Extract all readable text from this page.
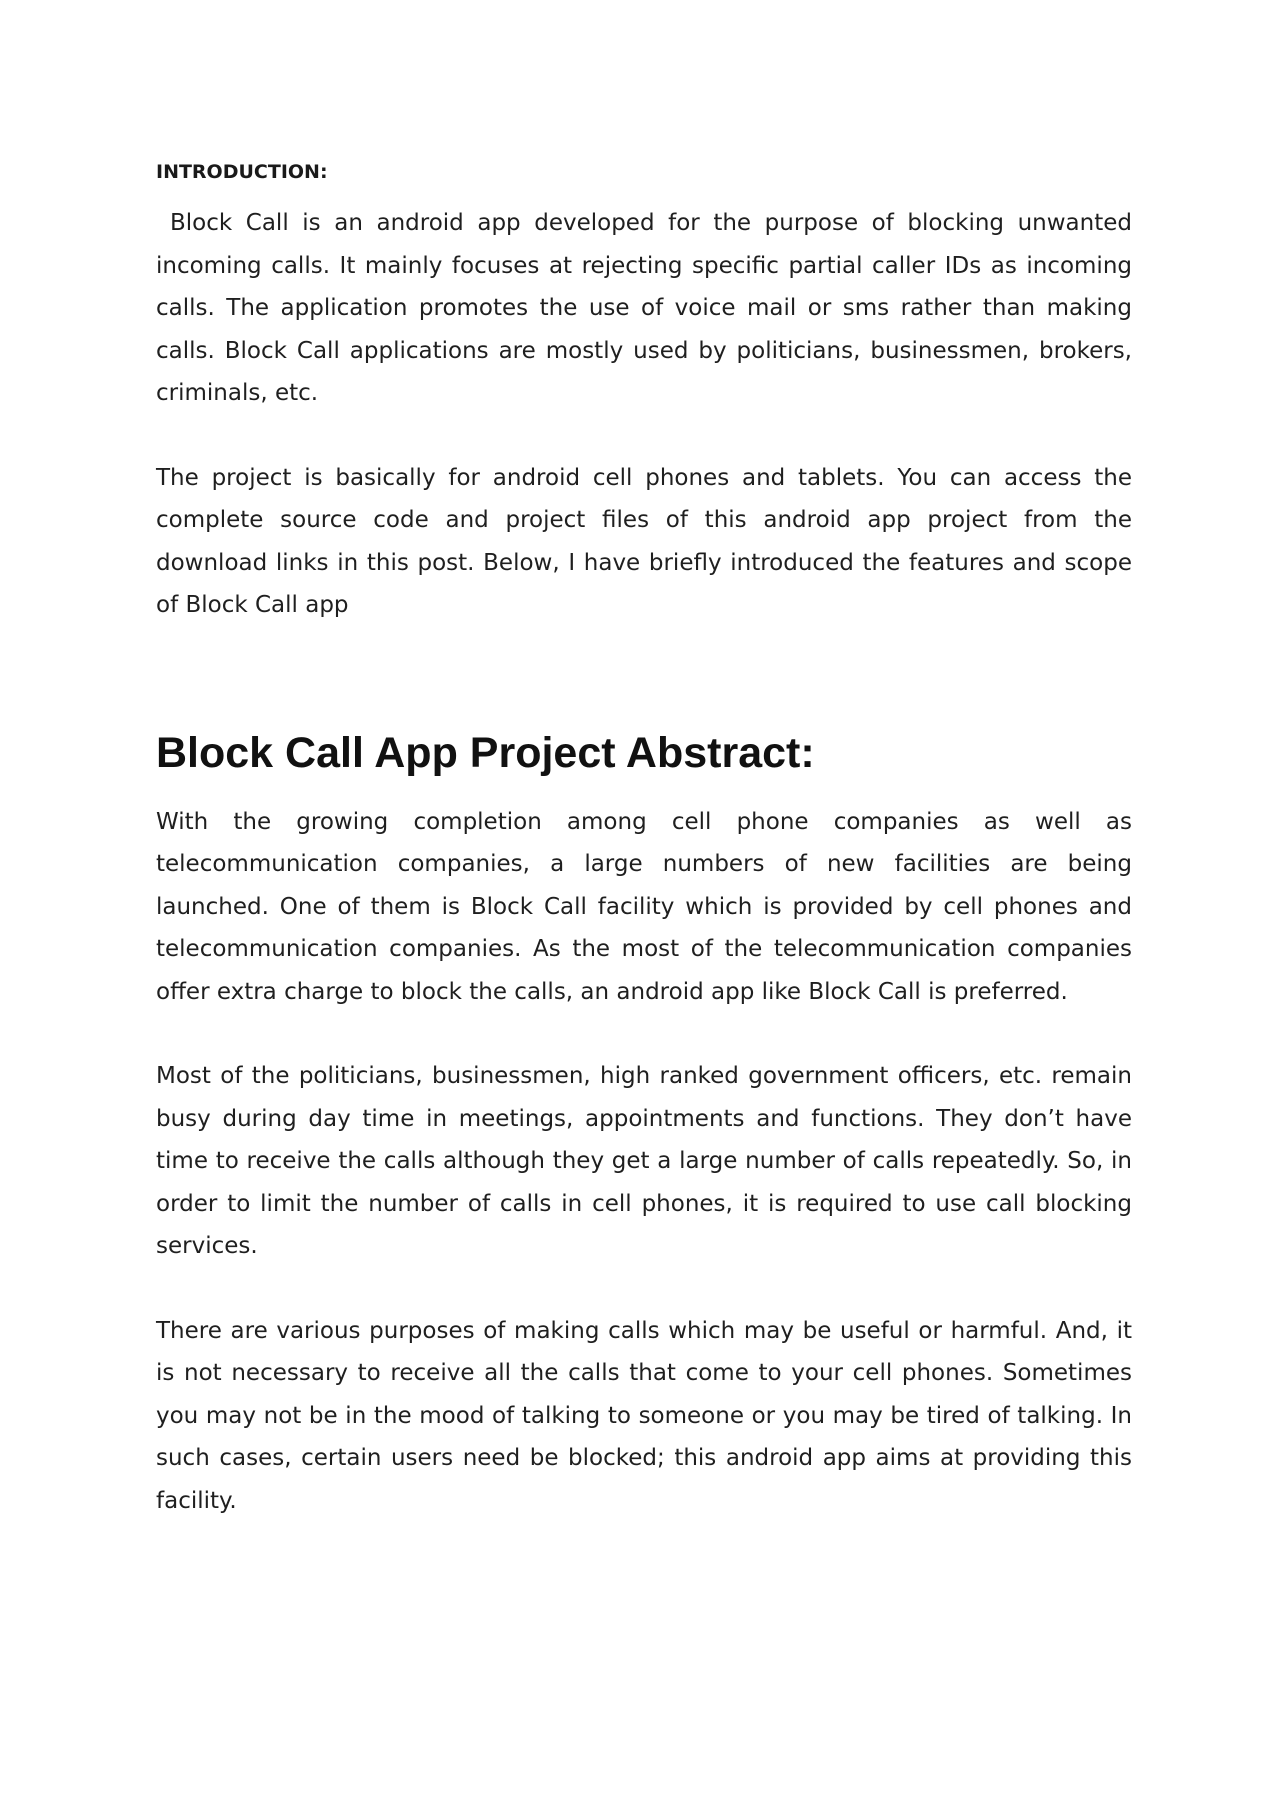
INTRODUCTION:

Block Call is an android app developed for the purpose of blocking unwanted incoming calls. It mainly focuses at rejecting specific partial caller IDs as incoming calls. The application promotes the use of voice mail or sms rather than making calls. Block Call applications are mostly used by politicians, businessmen, brokers, criminals, etc.

The project is basically for android cell phones and tablets. You can access the complete source code and project files of this android app project from the download links in this post. Below, I have briefly introduced the features and scope of Block Call app

Block Call App Project Abstract:

With the growing completion among cell phone companies as well as telecommunication companies, a large numbers of new facilities are being launched. One of them is Block Call facility which is provided by cell phones and telecommunication companies. As the most of the telecommunication companies offer extra charge to block the calls, an android app like Block Call is preferred.

Most of the politicians, businessmen, high ranked government officers, etc. remain busy during day time in meetings, appointments and functions. They don’t have time to receive the calls although they get a large number of calls repeatedly. So, in order to limit the number of calls in cell phones, it is required to use call blocking services.

There are various purposes of making calls which may be useful or harmful. And, it is not necessary to receive all the calls that come to your cell phones. Sometimes you may not be in the mood of talking to someone or you may be tired of talking. In such cases, certain users need be blocked; this android app aims at providing this facility.
